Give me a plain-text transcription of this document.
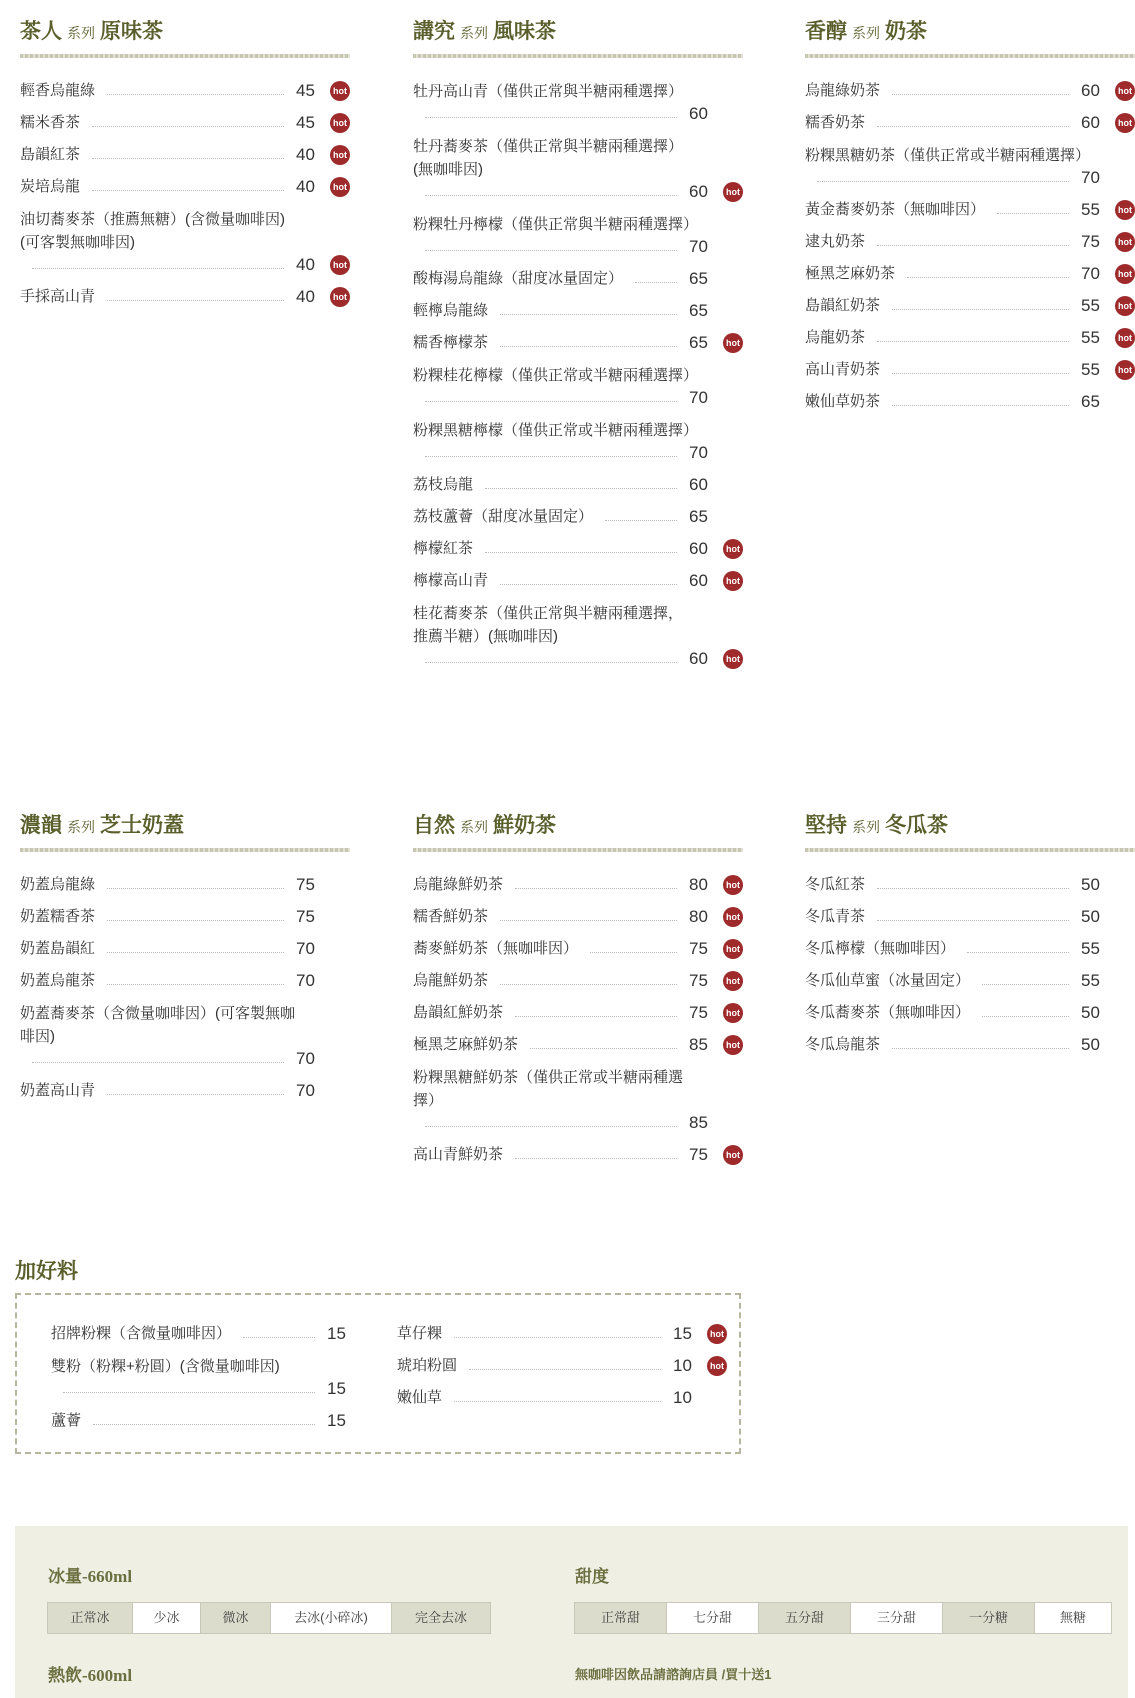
茶人 系列 原味茶
輕香烏龍綠	45	hot
糯米香茶	45	hot
島韻紅茶	40	hot
炭培烏龍	40	hot
油切蕎麥茶（推薦無糖）(含微量咖啡因)(可客製無咖啡因)
40	hot
手採高山青	40	hot
講究 系列 風味茶
牡丹高山青（僅供正常與半糖兩種選擇）
60
牡丹蕎麥茶（僅供正常與半糖兩種選擇）(無咖啡因)
60	hot
粉粿牡丹檸檬（僅供正常與半糖兩種選擇）
70
酸梅湯烏龍綠（甜度冰量固定）	65
輕檸烏龍綠	65
糯香檸檬茶	65	hot
粉粿桂花檸檬（僅供正常或半糖兩種選擇）
70
粉粿黑糖檸檬（僅供正常或半糖兩種選擇）
70
荔枝烏龍	60
荔枝蘆薈（甜度冰量固定）	65
檸檬紅茶	60	hot
檸檬高山青	60	hot
桂花蕎麥茶（僅供正常與半糖兩種選擇，推薦半糖）(無咖啡因)
60	hot
香醇 系列 奶茶
烏龍綠奶茶	60	hot
糯香奶茶	60	hot
粉粿黑糖奶茶（僅供正常或半糖兩種選擇）
70
黃金蕎麥奶茶（無咖啡因）	55	hot
逮丸奶茶	75	hot
極黑芝麻奶茶	70	hot
島韻紅奶茶	55	hot
烏龍奶茶	55	hot
高山青奶茶	55	hot
嫩仙草奶茶	65
濃韻 系列 芝士奶蓋
奶蓋烏龍綠	75
奶蓋糯香茶	75
奶蓋島韻紅	70
奶蓋烏龍茶	70
奶蓋蕎麥茶（含微量咖啡因）(可客製無咖啡因)
70
奶蓋高山青	70
自然 系列 鮮奶茶
烏龍綠鮮奶茶	80	hot
糯香鮮奶茶	80	hot
蕎麥鮮奶茶（無咖啡因）	75	hot
烏龍鮮奶茶	75	hot
島韻紅鮮奶茶	75	hot
極黑芝麻鮮奶茶	85	hot
粉粿黑糖鮮奶茶（僅供正常或半糖兩種選擇）
85
高山青鮮奶茶	75	hot
堅持 系列 冬瓜茶
冬瓜紅茶	50
冬瓜青茶	50
冬瓜檸檬（無咖啡因）	55
冬瓜仙草蜜（冰量固定）	55
冬瓜蕎麥茶（無咖啡因）	50
冬瓜烏龍茶	50
加好料
招牌粉粿（含微量咖啡因）	15
雙粉（粉粿+粉圓）(含微量咖啡因)
15
蘆薈	15
草仔粿	15	hot
琥珀粉圓	10	hot
嫩仙草	10
冰量-660ml
正常冰	少冰	微冰	去冰(小碎冰)	完全去冰
甜度
正常甜	七分甜	五分甜	三分甜	一分糖	無糖
熱飲-600ml	無咖啡因飲品請諮詢店員 /買十送1
